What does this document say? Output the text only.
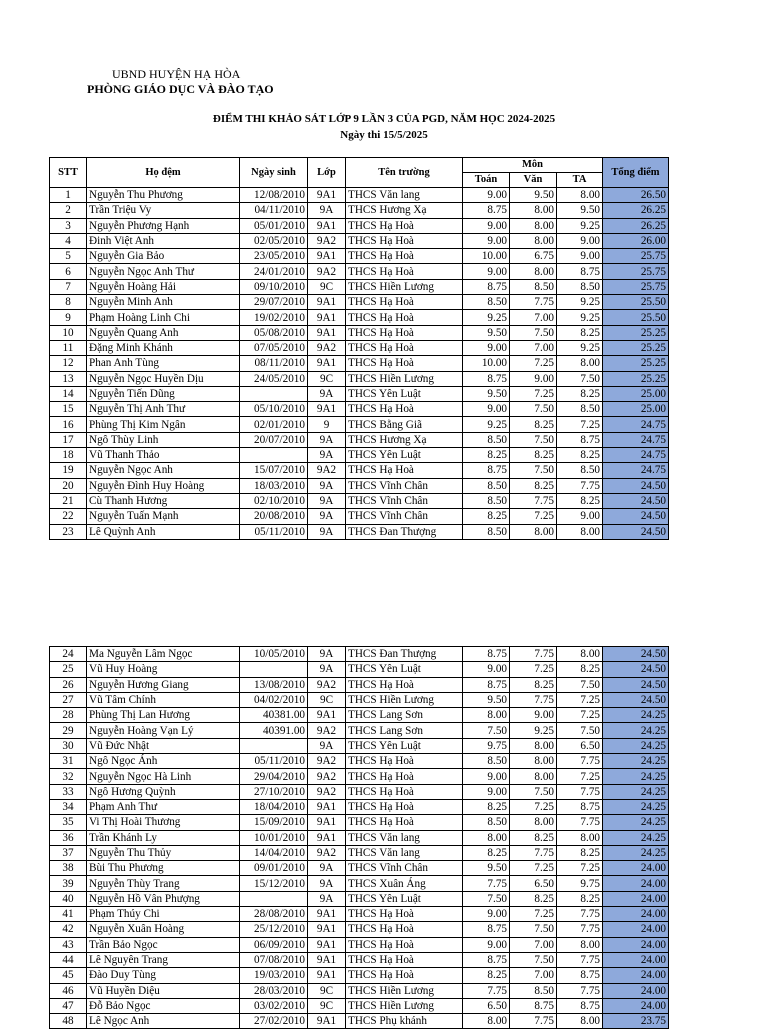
UBND HUYỆN HẠ HÒA
PHÒNG GIÁO DỤC VÀ ĐÀO TẠO
ĐIỂM THI KHẢO SÁT LỚP 9 LẦN 3 CỦA PGD, NĂM HỌC 2024-2025
Ngày thi 15/5/2025
STT	Họ đệm	Ngày sinh	Lớp	Tên trường	Môn			Tổng điểm
					Toán	Văn	TA	
1	Nguyễn Thu Phương	12/08/2010	9A1	THCS Văn lang	9.00	9.50	8.00	26.50
2	Trần Triệu Vy	04/11/2010	9A	THCS Hương Xạ	8.75	8.00	9.50	26.25
3	Nguyễn Phương Hạnh	05/01/2010	9A1	THCS Hạ Hoà	9.00	8.00	9.25	26.25
4	Đinh Việt Anh	02/05/2010	9A2	THCS Hạ Hoà	9.00	8.00	9.00	26.00
5	Nguyễn Gia Bảo	23/05/2010	9A1	THCS Hạ Hoà	10.00	6.75	9.00	25.75
6	Nguyễn Ngọc Anh Thư	24/01/2010	9A2	THCS Hạ Hoà	9.00	8.00	8.75	25.75
7	Nguyễn Hoàng Hải	09/10/2010	9C	THCS Hiền Lương	8.75	8.50	8.50	25.75
8	Nguyễn Minh Anh	29/07/2010	9A1	THCS Hạ Hoà	8.50	7.75	9.25	25.50
9	Phạm Hoàng Linh Chi	19/02/2010	9A1	THCS Hạ Hoà	9.25	7.00	9.25	25.50
10	Nguyễn Quang Anh	05/08/2010	9A1	THCS Hạ Hoà	9.50	7.50	8.25	25.25
11	Đặng Minh Khánh	07/05/2010	9A2	THCS Hạ Hoà	9.00	7.00	9.25	25.25
12	Phan Anh Tùng	08/11/2010	9A1	THCS Hạ Hoà	10.00	7.25	8.00	25.25
13	Nguyễn Ngọc Huyền Dịu	24/05/2010	9C	THCS Hiền Lương	8.75	9.00	7.50	25.25
14	Nguyễn Tiến Dũng		9A	THCS Yên Luật	9.50	7.25	8.25	25.00
15	Nguyễn Thị Anh Thư	05/10/2010	9A1	THCS Hạ Hoà	9.00	7.50	8.50	25.00
16	Phùng Thị Kim Ngân	02/01/2010	9	THCS Bằng Giã	9.25	8.25	7.25	24.75
17	Ngô Thùy Linh	20/07/2010	9A	THCS Hương Xạ	8.50	7.50	8.75	24.75
18	Vũ Thanh Thảo		9A	THCS Yên Luật	8.25	8.25	8.25	24.75
19	Nguyễn Ngọc Anh	15/07/2010	9A2	THCS Hạ Hoà	8.75	7.50	8.50	24.75
20	Nguyễn Đình Huy Hoàng	18/03/2010	9A	THCS Vĩnh Chân	8.50	8.25	7.75	24.50
21	Cù Thanh Hương	02/10/2010	9A	THCS Vĩnh Chân	8.50	7.75	8.25	24.50
22	Nguyễn Tuấn Mạnh	20/08/2010	9A	THCS Vĩnh Chân	8.25	7.25	9.00	24.50
23	Lê Quỳnh Anh	05/11/2010	9A	THCS Đan Thượng	8.50	8.00	8.00	24.50
24	Ma Nguyễn Lâm Ngọc	10/05/2010	9A	THCS Đan Thượng	8.75	7.75	8.00	24.50
25	Vũ Huy Hoàng		9A	THCS Yên Luật	9.00	7.25	8.25	24.50
26	Nguyễn Hương Giang	13/08/2010	9A2	THCS Hạ Hoà	8.75	8.25	7.50	24.50
27	Vũ Tâm Chính	04/02/2010	9C	THCS Hiền Lương	9.50	7.75	7.25	24.50
28	Phùng Thị Lan Hương	40381.00	9A1	THCS Lang Sơn	8.00	9.00	7.25	24.25
29	Nguyễn Hoàng Vạn Lý	40391.00	9A2	THCS Lang Sơn	7.50	9.25	7.50	24.25
30	Vũ Đức Nhật		9A	THCS Yên Luật	9.75	8.00	6.50	24.25
31	Ngô Ngọc Ánh	05/11/2010	9A2	THCS Hạ Hoà	8.50	8.00	7.75	24.25
32	Nguyễn Ngọc Hà Linh	29/04/2010	9A2	THCS Hạ Hoà	9.00	8.00	7.25	24.25
33	Ngô Hương Quỳnh	27/10/2010	9A2	THCS Hạ Hoà	9.00	7.50	7.75	24.25
34	Phạm Anh Thư	18/04/2010	9A1	THCS Hạ Hoà	8.25	7.25	8.75	24.25
35	Vi Thị Hoài Thương	15/09/2010	9A1	THCS Hạ Hoà	8.50	8.00	7.75	24.25
36	Trần Khánh Ly	10/01/2010	9A1	THCS Văn lang	8.00	8.25	8.00	24.25
37	Nguyễn Thu Thủy	14/04/2010	9A2	THCS Văn lang	8.25	7.75	8.25	24.25
38	Bùi Thu Phương	09/01/2010	9A	THCS Vĩnh Chân	9.50	7.25	7.25	24.00
39	Nguyễn Thùy Trang	15/12/2010	9A	THCS Xuân Áng	7.75	6.50	9.75	24.00
40	Nguyễn Hồ Vân Phượng		9A	THCS Yên Luật	7.50	8.25	8.25	24.00
41	Phạm Thúy Chi	28/08/2010	9A1	THCS Hạ Hoà	9.00	7.25	7.75	24.00
42	Nguyễn Xuân Hoàng	25/12/2010	9A1	THCS Hạ Hoà	8.75	7.50	7.75	24.00
43	Trần Bảo Ngọc	06/09/2010	9A1	THCS Hạ Hoà	9.00	7.00	8.00	24.00
44	Lê Nguyên Trang	07/08/2010	9A1	THCS Hạ Hoà	8.75	7.50	7.75	24.00
45	Đào Duy Tùng	19/03/2010	9A1	THCS Hạ Hoà	8.25	7.00	8.75	24.00
46	Vũ Huyền Diệu	28/03/2010	9C	THCS Hiền Lương	7.75	8.50	7.75	24.00
47	Đỗ Bảo Ngọc	03/02/2010	9C	THCS Hiền Lương	6.50	8.75	8.75	24.00
48	Lê Ngọc Anh	27/02/2010	9A1	THCS Phụ khánh	8.00	7.75	8.00	23.75
